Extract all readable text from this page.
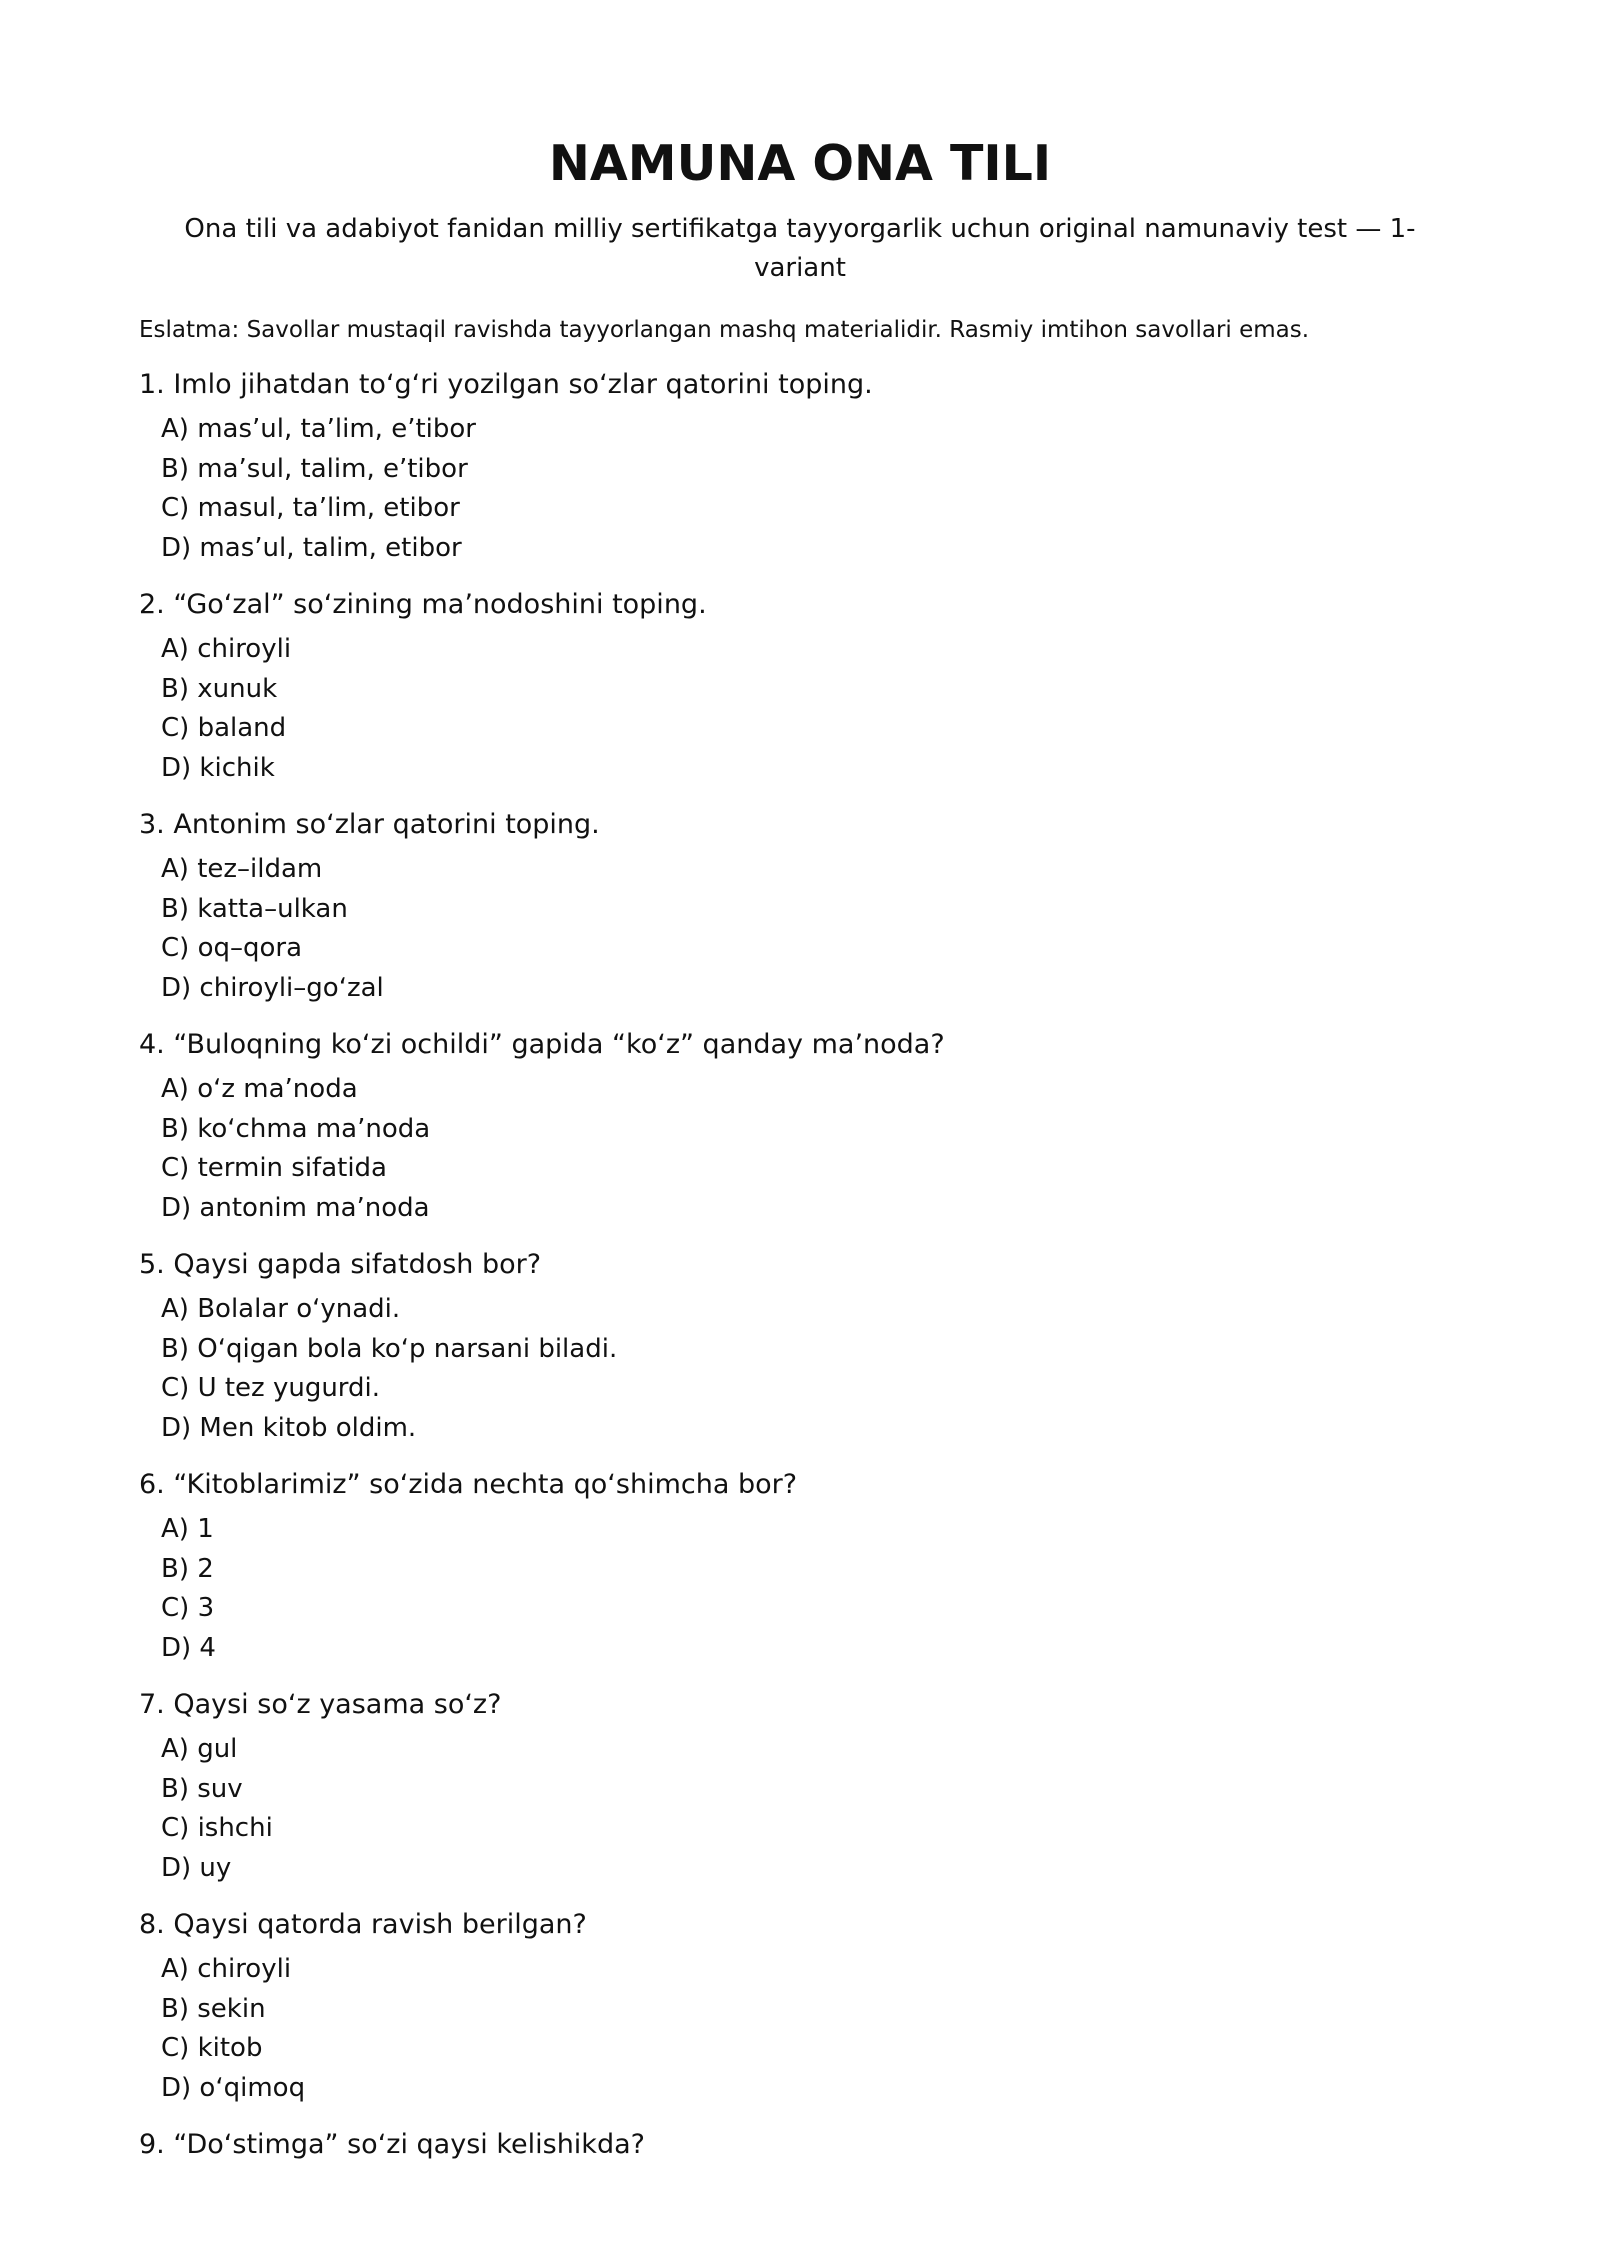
NAMUNA ONA TILI

Ona tili va adabiyot fanidan milliy sertifikatga tayyorgarlik uchun original namunaviy test — 1-variant

Eslatma: Savollar mustaqil ravishda tayyorlangan mashq materialidir. Rasmiy imtihon savollari emas.

1. Imlo jihatdan toʻgʻri yozilgan soʻzlar qatorini toping.
A) mas’ul, ta’lim, e’tibor
B) ma’sul, talim, e’tibor
C) masul, ta’lim, etibor
D) mas’ul, talim, etibor
2. “Goʻzal” soʻzining ma’nodoshini toping.
A) chiroyli
B) xunuk
C) baland
D) kichik
3. Antonim soʻzlar qatorini toping.
A) tez–ildam
B) katta–ulkan
C) oq–qora
D) chiroyli–goʻzal
4. “Buloqning koʻzi ochildi” gapida “koʻz” qanday ma’noda?
A) oʻz ma’noda
B) koʻchma ma’noda
C) termin sifatida
D) antonim ma’noda
5. Qaysi gapda sifatdosh bor?
A) Bolalar oʻynadi.
B) Oʻqigan bola koʻp narsani biladi.
C) U tez yugurdi.
D) Men kitob oldim.
6. “Kitoblarimiz” soʻzida nechta qoʻshimcha bor?
A) 1
B) 2
C) 3
D) 4
7. Qaysi soʻz yasama soʻz?
A) gul
B) suv
C) ishchi
D) uy
8. Qaysi qatorda ravish berilgan?
A) chiroyli
B) sekin
C) kitob
D) oʻqimoq
9. “Doʻstimga” soʻzi qaysi kelishikda?
